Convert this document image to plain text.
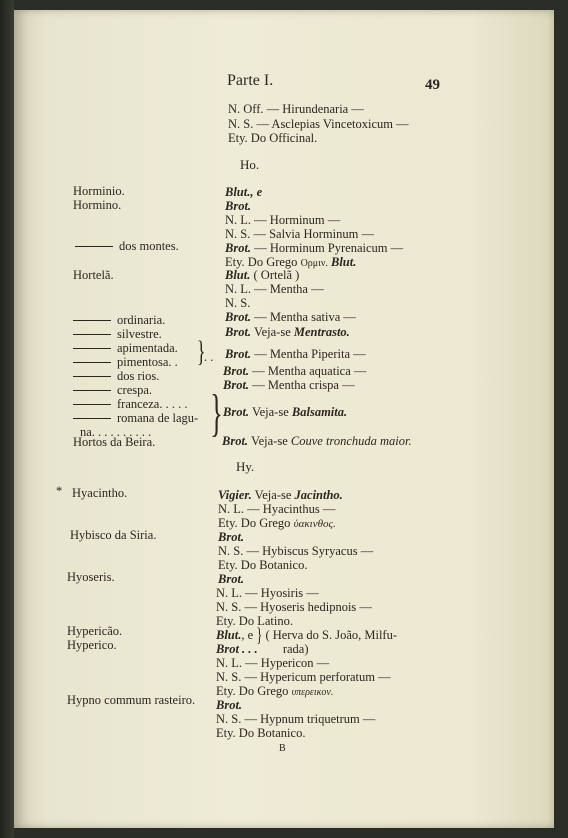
Parte I.	49
N. Off. — Hirundenaria —
N. S. — Asclepias Vincetoxicum —
Ety. Do Officinal.
Ho.
Horminio.
Hormino.
dos montes.
Hortelã.
ordinaria.
silvestre.
apimentada.
pimentosa. . }
. .
dos rios.
crespa.
franceza. . . . .
romana de lagu-
na. . . . . . . . . . }
Hortos da Beira.
Blut., e
Brot.
N. L. — Horminum —
N. S. — Salvia Horminum —
Brot. — Horminum Pyrenaicum —
Ety. Do Grego Ορμιν. Blut.
Blut. ( Ortelã )
N. L. — Mentha —
N. S.
Brot. — Mentha sativa —
Brot. Veja-se Mentrasto.
Brot. — Mentha Piperita —
Brot. — Mentha aquatica —
Brot. — Mentha crispa —
Brot. Veja-se Balsamita.
Brot. Veja-se Couve tronchuda maior.
Hy.
* Hyacintho.
Hybisco da Siria.
Hyoseris.
Hypericão.
Hyperico.
Hypno commum rasteiro.
Vigier. Veja-se Jacintho.
N. L. — Hyacinthus —
Ety. Do Grego ὑακινθος.
Brot.
N. S. — Hybiscus Syryacus —
Ety. Do Botanico.
Brot.
N. L. — Hyosiris —
N. S. — Hyoseris hedipnois —
Ety. Do Latino.
Blut., e } ( Herva do S. João, Milfu-
Brot . . . rada)
N. L. — Hypericon —
N. S. — Hypericum perforatum —
Ety. Do Grego υπερεικον.
Brot.
N. S. — Hypnum triquetrum —
Ety. Do Botanico.
B
